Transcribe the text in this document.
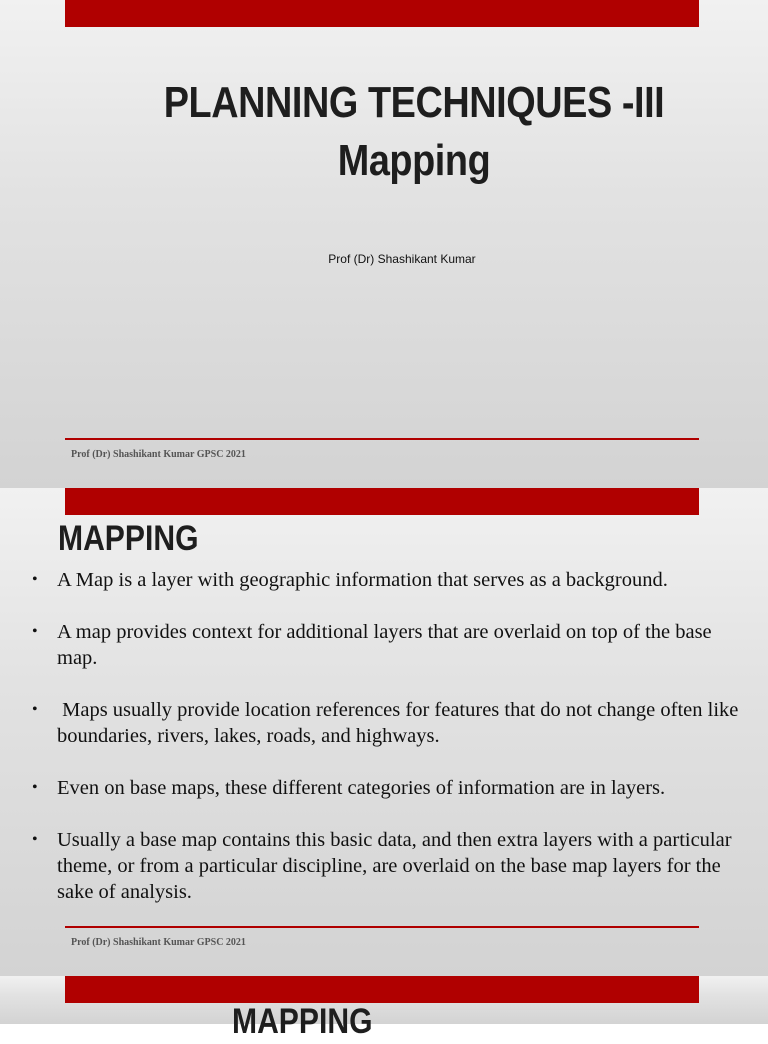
PLANNING TECHNIQUES -III
Mapping

Prof (Dr) Shashikant Kumar

Prof (Dr) Shashikant Kumar GPSC 2021

Prof (Dr) Shashikant Kumar GPSC 2021

MAPPING
• A Map is a layer with geographic information that serves as a background.
• A map provides context for additional layers that are overlaid on top of the base map.
• Maps usually provide location references for features that do not change often like boundaries, rivers, lakes, roads, and highways.
• Even on base maps, these different categories of information are in layers.
• Usually a base map contains this basic data, and then extra layers with a particular theme, or from a particular discipline, are overlaid on the base map layers for the sake of analysis.
MAPPING
